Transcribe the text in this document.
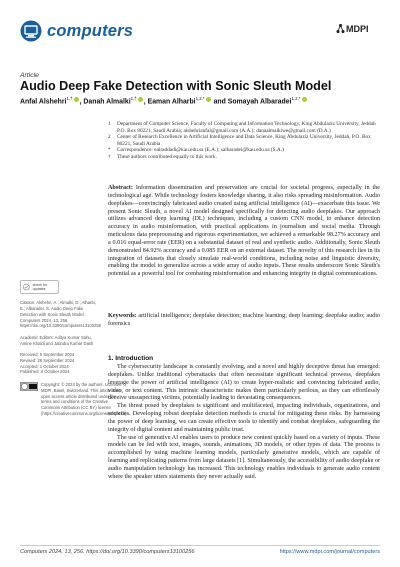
computers	MDPI
Article
Audio Deep Fake Detection with Sonic Sleuth Model
Anfal Alshehri$^{1,\dagger}$ , Danah Almalki$^{1,\dagger}$ , Eaman Alharbi$^{1,2,*}$ and Somayah Albaradei$^{1,2,*}$
1	Department of Computer Science, Faculty of Computing and Information Technology, King Abdulaziz University, Jeddah P.O. Box 80221, Saudi Arabia; alshehrianfal@gmail.com (A.A.); danaalmalkiwe@gmail.com (D.A.)
2	Center of Research Excellence in Artificial Intelligence and Data Science, King Abdulaziz University, Jeddah, P.O. Box 80221, Saudi Arabia
*	Correspondence: ealraddadi@kau.edu.sa (E.A.); salbaradei@kau.edu.sa (S.A.)
†	These authors contributed equally to this work.

Abstract: Information dissemination and preservation are crucial for societal progress, especially in the technological age. While technology fosters knowledge sharing, it also risks spreading misinformation. Audio deepfakes—convincingly fabricated audio created using artificial intelligence (AI)—exacerbate this issue. We present Sonic Sleuth, a novel AI model designed specifically for detecting audio deepfakes. Our approach utilizes advanced deep learning (DL) techniques, including a custom CNN model, to enhance detection accuracy in audio misinformation, with practical applications in journalism and social media. Through meticulous data preprocessing and rigorous experimentation, we achieved a remarkable 98.27% accuracy and a 0.016 equal-error rate (EER) on a substantial dataset of real and synthetic audio. Additionally, Sonic Sleuth demonstrated 84.92% accuracy and a 0.085 EER on an external dataset. The novelty of this research lies in its integration of datasets that closely simulate real-world conditions, including noise and linguistic diversity, enabling the model to generalize across a wide array of audio inputs. These results underscore Sonic Sleuth's potential as a powerful tool for combating misinformation and enhancing integrity in digital communications.

Keywords: artificial intelligence; deepfake detection; machine learning; deep learning; deepfake audio; audio forensics

check for updates
Citation: Alshehri, A.; Almalki, D.; Alharbi, E.; Albaradei, S. Audio Deep Fake Detection with Sonic Sleuth Model. Computers 2024, 13, 256. https://doi.org/10.3390/computers13100256
Academic Editors: Aditya Kumar Sahu, Amine Khaldi and Jatindra Kumar Dash
Received: 5 September 2024
Revised: 26 September 2024
Accepted: 1 October 2024
Published: 4 October 2024
Copyright: © 2024 by the authors. Licensee MDPI, Basel, Switzerland. This article is an open access article distributed under the terms and conditions of the Creative Commons Attribution (CC BY) license (https://creativecommons.org/licenses/by/4.0/).
1. Introduction

The cybersecurity landscape is constantly evolving, and a novel and highly deceptive threat has emerged: deepfakes. Unlike traditional cyberattacks that often necessitate significant technical prowess, deepfakes leverage the power of artificial intelligence (AI) to create hyper-realistic and convincing fabricated audio, video, or text content. This intrinsic characteristic makes them particularly perilous, as they can effortlessly deceive unsuspecting victims, potentially leading to devastating consequences.

The threat posed by deepfakes is significant and multifaceted, impacting individuals, organizations, and societies. Developing robust deepfake detection methods is crucial for mitigating these risks. By harnessing the power of deep learning, we can create effective tools to identify and combat deepfakes, safeguarding the integrity of digital content and maintaining public trust.

The use of generative AI enables users to produce new content quickly based on a variety of inputs. These models can be fed with text, images, sounds, animations, 3D models, or other types of data. The process is accomplished by using machine learning models, particularly generative models, which are capable of learning and replicating patterns from large datasets [1]. Simultaneously, the accessibility of audio deepfake or audio manipulation technology has increased. This technology enables individuals to generate audio content where the speaker utters statements they never actually said.

Computers 2024, 13, 256. https://doi.org/10.3390/computers13100256	https://www.mdpi.com/journal/computers
